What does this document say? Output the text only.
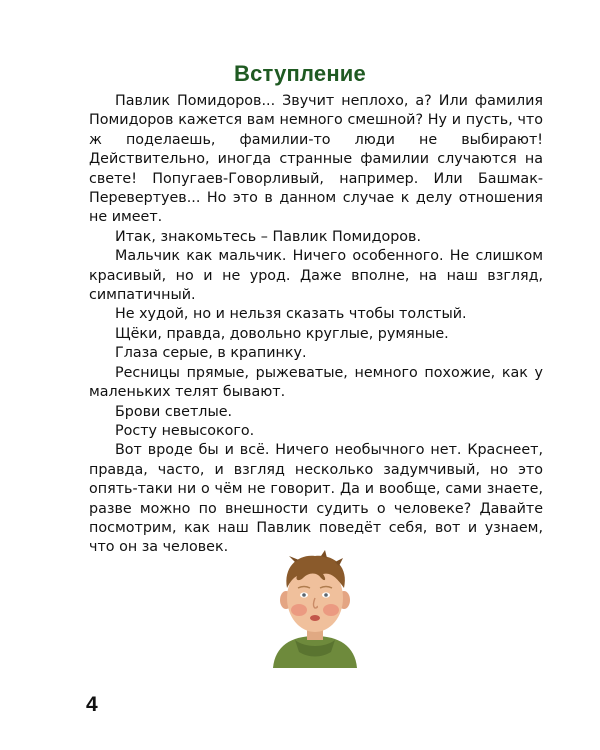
Вступление

Павлик Помидоров... Звучит неплохо, а? Или фамилия Помидоров кажется вам немного смешной? Ну и пусть, что ж поделаешь, фамилии-то люди не выбирают! Действительно, иногда странные фамилии случаются на свете! Попугаев-Говорливый, например. Или Башмак-Перевертуев... Но это в данном случае к делу отношения не имеет.

Итак, знакомьтесь – Павлик Помидоров.

Мальчик как мальчик. Ничего особенного. Не слишком красивый, но и не урод. Даже вполне, на наш взгляд, симпатичный.

Не худой, но и нельзя сказать чтобы толстый.

Щёки, правда, довольно круглые, румяные.

Глаза серые, в крапинку.

Ресницы прямые, рыжеватые, немного похожие, как у маленьких телят бывают.

Брови светлые.

Росту невысокого.

Вот вроде бы и всё. Ничего необычного нет. Краснеет, правда, часто, и взгляд несколько задумчивый, но это опять-таки ни о чём не говорит. Да и вообще, сами знаете, разве можно по внешности судить о человеке? Давайте посмотрим, как наш Павлик поведёт себя, вот и узнаем, что он за человек.

4
